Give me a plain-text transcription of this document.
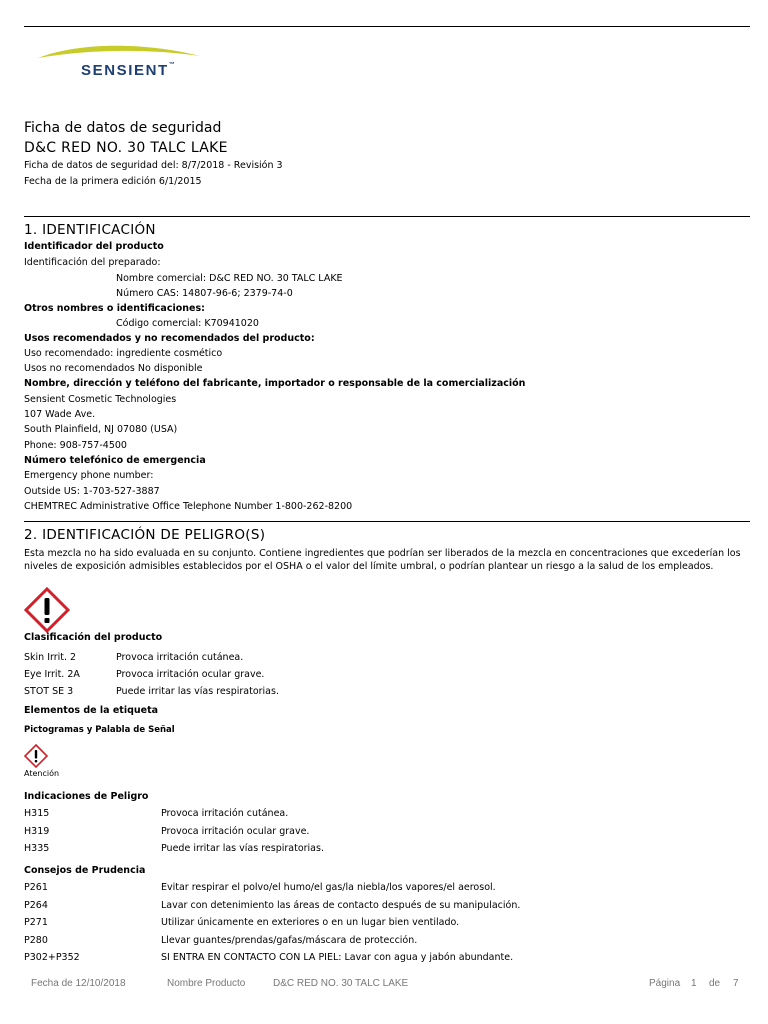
SENSIENT™
Ficha de datos de seguridad
D&C RED NO. 30 TALC LAKE
Ficha de datos de seguridad del: 8/7/2018 - Revisión 3
Fecha de la primera edición 6/1/2015
1. IDENTIFICACIÓN
Identificador del producto
Identificación del preparado:
Nombre comercial: D&C RED NO. 30 TALC LAKE
Número CAS: 14807-96-6; 2379-74-0
Otros nombres o identificaciones:
Código comercial: K70941020
Usos recomendados y no recomendados del producto:
Uso recomendado: ingrediente cosmético
Usos no recomendados No disponible
Nombre, dirección y teléfono del fabricante, importador o responsable de la comercialización
Sensient Cosmetic Technologies
107 Wade Ave.
South Plainfield, NJ 07080 (USA)
Phone: 908-757-4500
Número telefónico de emergencia
Emergency phone number:
Outside US: 1-703-527-3887
CHEMTREC Administrative Office Telephone Number 1-800-262-8200
2. IDENTIFICACIÓN DE PELIGRO(S)
Esta mezcla no ha sido evaluada en su conjunto. Contiene ingredientes que podrían ser liberados de la mezcla en concentraciones que excederían los niveles de exposición admisibles establecidos por el OSHA o el valor del límite umbral, o podrían plantear un riesgo a la salud de los empleados.
Clasificación del producto
Skin Irrit. 2	Provoca irritación cutánea.
Eye Irrit. 2A	Provoca irritación ocular grave.
STOT SE 3	Puede irritar las vías respiratorias.
Elementos de la etiqueta
Pictogramas y Palabla de Señal
Atención
Indicaciones de Peligro
H315	Provoca irritación cutánea.
H319	Provoca irritación ocular grave.
H335	Puede irritar las vías respiratorias.
Consejos de Prudencia
P261	Evitar respirar el polvo/el humo/el gas/la niebla/los vapores/el aerosol.
P264	Lavar con detenimiento las áreas de contacto después de su manipulación.
P271	Utilizar únicamente en exteriores o en un lugar bien ventilado.
P280	Llevar guantes/prendas/gafas/máscara de protección.
P302+P352	SI ENTRA EN CONTACTO CON LA PIEL: Lavar con agua y jabón abundante.
Fecha de 12/10/2018	Nombre Producto	D&C RED NO. 30 TALC LAKE	Página 1 de 7
